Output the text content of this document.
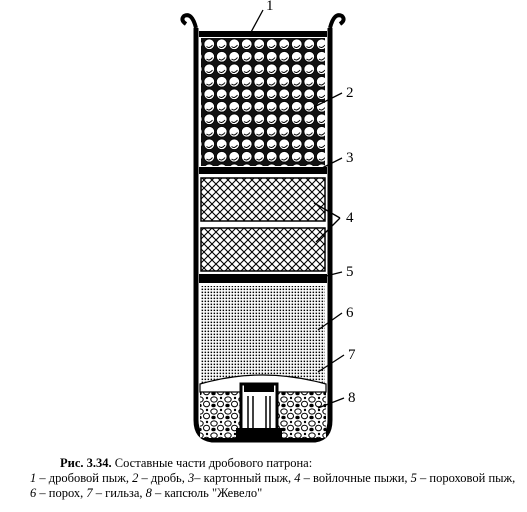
1
2
3
4
5
6
7
8
Рис. 3.34. Составные части дробового патрона:
1 – дробовой пыж, 2 – дробь, 3– картонный пыж, 4 – войлочные пыжи, 5 – пороховой пыж, 6 – порох, 7 – гильза, 8 – капсюль "Жевело"
